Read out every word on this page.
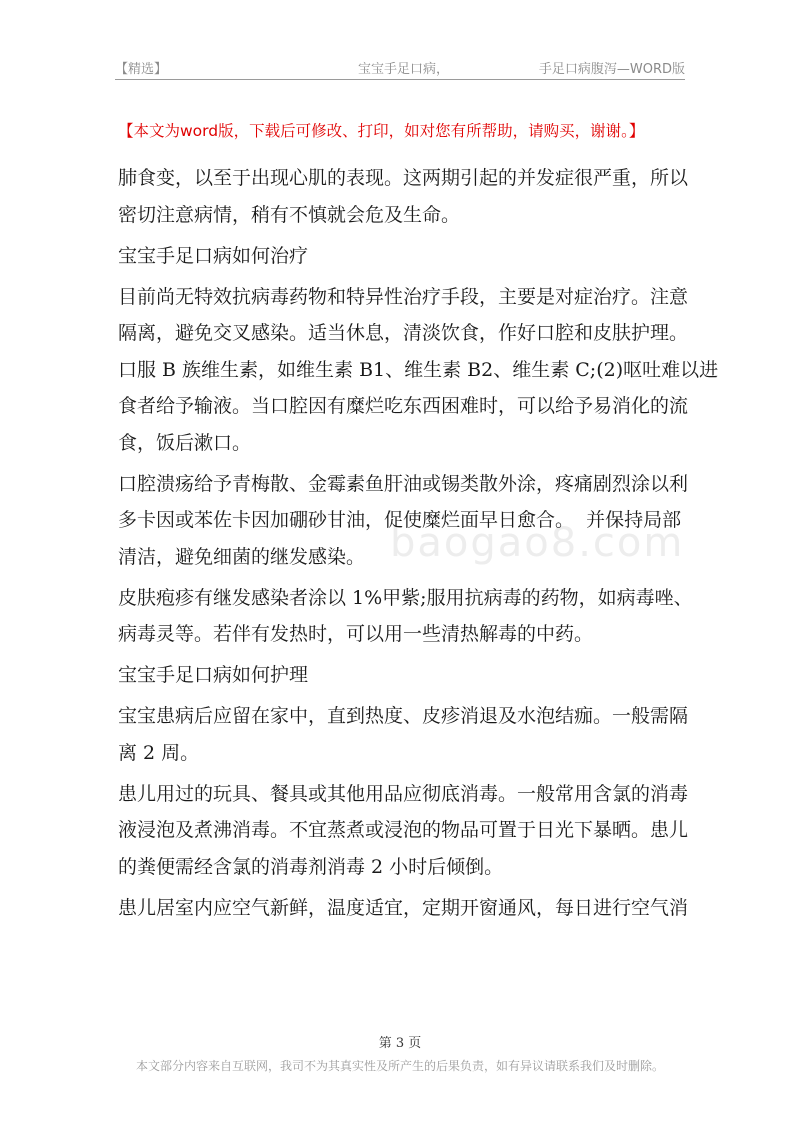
【精选】	宝宝手足口病，	手足口病腹泻—WORD版
【本文为word版，下载后可修改、打印，如对您有所帮助，请购买，谢谢。】
baogao8.com

肺食变，以至于出现心肌的表现。这两期引起的并发症很严重，所以
密切注意病情，稍有不慎就会危及生命。

宝宝手足口病如何治疗

目前尚无特效抗病毒药物和特异性治疗手段，主要是对症治疗。注意
隔离，避免交叉感染。适当休息，清淡饮食，作好口腔和皮肤护理。
口服 B 族维生素，如维生素 B1、维生素 B2、维生素 C;(2)呕吐难以进
食者给予输液。当口腔因有糜烂吃东西困难时，可以给予易消化的流
食，饭后漱口。

口腔溃疡给予青梅散、金霉素鱼肝油或锡类散外涂，疼痛剧烈涂以利
多卡因或苯佐卡因加硼砂甘油，促使糜烂面早日愈合。  并保持局部
清洁，避免细菌的继发感染。

皮肤疱疹有继发感染者涂以 1%甲紫;服用抗病毒的药物，如病毒唑、
病毒灵等。若伴有发热时，可以用一些清热解毒的中药。

宝宝手足口病如何护理

宝宝患病后应留在家中，直到热度、皮疹消退及水泡结痂。一般需隔
离 2 周。

患儿用过的玩具、餐具或其他用品应彻底消毒。一般常用含氯的消毒
液浸泡及煮沸消毒。不宜蒸煮或浸泡的物品可置于日光下暴晒。患儿
的粪便需经含氯的消毒剂消毒 2 小时后倾倒。

患儿居室内应空气新鲜，温度适宜，定期开窗通风，每日进行空气消

第 3 页
本文部分内容来自互联网，我司不为其真实性及所产生的后果负责，如有异议请联系我们及时删除。
